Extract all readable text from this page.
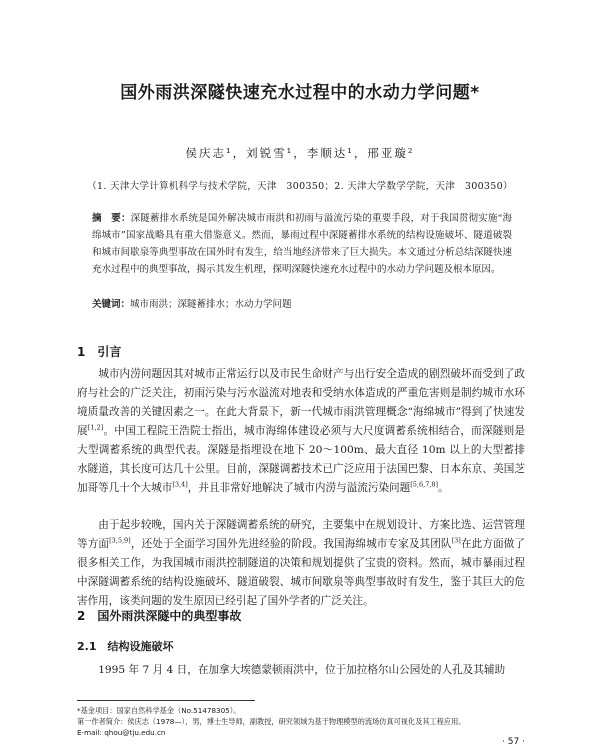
国外雨洪深隧快速充水过程中的水动力学问题*
侯庆志¹，刘锐雪¹，李顺达¹，邢亚璇²
（1. 天津大学计算机科学与技术学院，天津　300350；2. 天津大学数学学院，天津　300350）
摘　要：深隧蓄排水系统是国外解决城市雨洪和初雨与溢流污染的重要手段，对于我国贯彻实施“海绵城市”国家战略具有重大借鉴意义。然而，暴雨过程中深隧蓄排水系统的结构设施破坏、隧道破裂和城市间歇泉等典型事故在国外时有发生，给当地经济带来了巨大损失。本文通过分析总结深隧快速充水过程中的典型事故，揭示其发生机理，探明深隧快速充水过程中的水动力学问题及根本原因。
关键词：城市雨洪；深隧蓄排水；水动力学问题
1　引言
城市内涝问题因其对城市正常运行以及市民生命财产与出行安全造成的剧烈破坏而受到了政府与社会的广泛关注，初雨污染与污水溢流对地表和受纳水体造成的严重危害则是制约城市水环境质量改善的关键因素之一。在此大背景下，新一代城市雨洪管理概念“海绵城市”得到了快速发展[1,2]。中国工程院王浩院士指出，城市海绵体建设必须与大尺度调蓄系统相结合，而深隧则是大型调蓄系统的典型代表。深隧是指埋设在地下 20～100m、最大直径 10m 以上的大型蓄排水隧道，其长度可达几十公里。目前，深隧调蓄技术已广泛应用于法国巴黎、日本东京、美国芝加哥等几十个大城市[3,4]，并且非常好地解决了城市内涝与溢流污染问题[5,6,7,8]。
由于起步较晚，国内关于深隧调蓄系统的研究，主要集中在规划设计、方案比选、运营管理等方面[3,5,9]，还处于全面学习国外先进经验的阶段。我国海绵城市专家及其团队[3]在此方面做了很多相关工作，为我国城市雨洪控制隧道的决策和规划提供了宝贵的资料。然而，城市暴雨过程中深隧调蓄系统的结构设施破坏、隧道破裂、城市间歇泉等典型事故时有发生，鉴于其巨大的危害作用，该类问题的发生原因已经引起了国外学者的广泛关注。
2　国外雨洪深隧中的典型事故
2.1　结构设施破坏
1995 年 7 月 4 日，在加拿大埃德蒙顿雨洪中，位于加拉格尔山公园处的人孔及其辅助
*基金项目：国家自然科学基金（No.51478305）。
第一作者简介：侯庆志（1978—），男，博士生导师，副教授，研究领域为基于物理模型的流场仿真可视化及其工程应用。
E-mail: qhou@tju.edu.cn
· 57 ·
